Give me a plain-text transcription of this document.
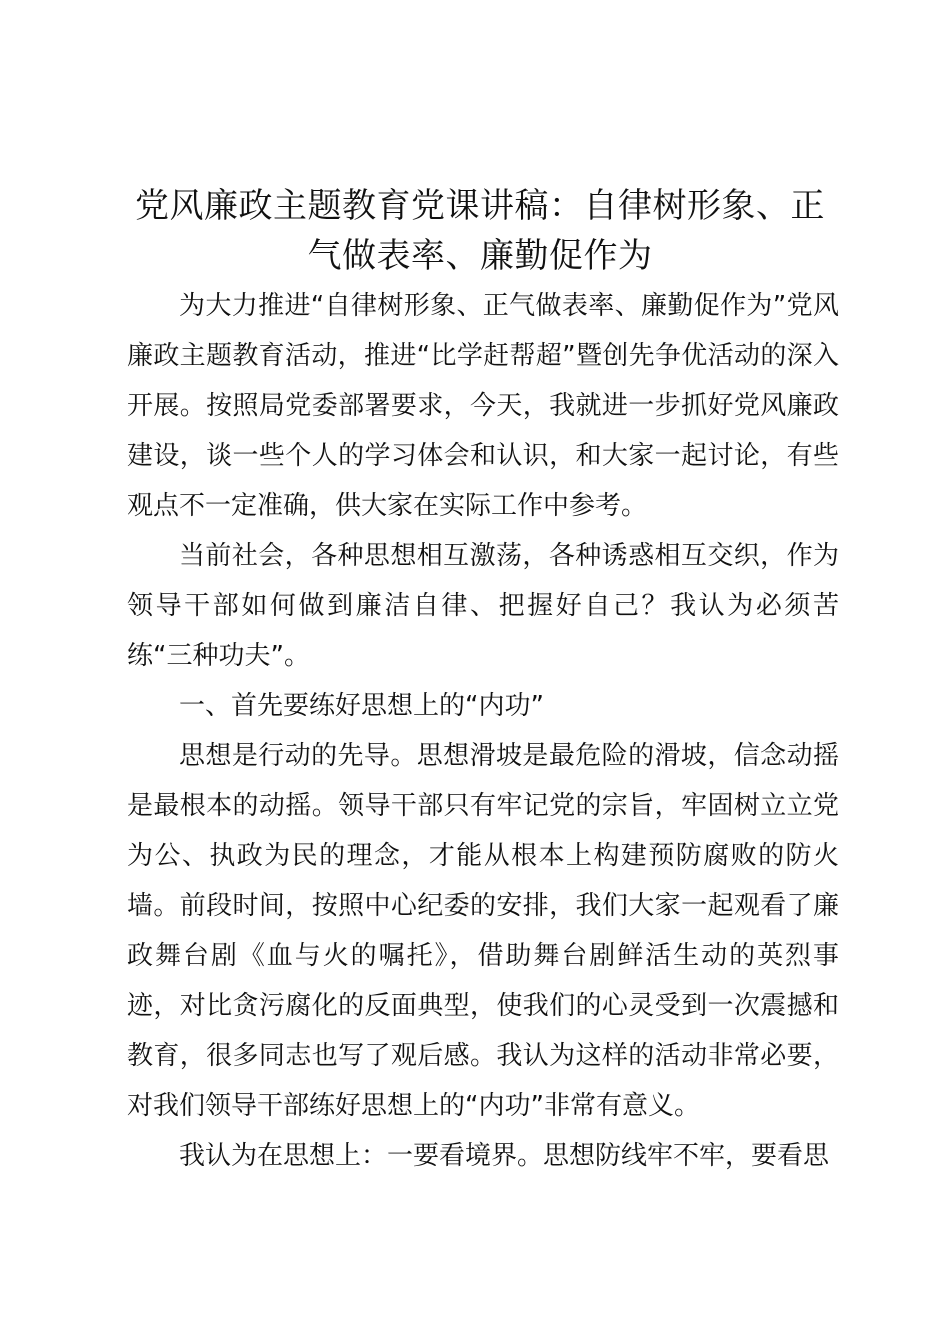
党风廉政主题教育党课讲稿：自律树形象、正气做表率、廉勤促作为

为大力推进“自律树形象、正气做表率、廉勤促作为”党风廉政主题教育活动，推进“比学赶帮超”暨创先争优活动的深入开展。按照局党委部署要求，今天，我就进一步抓好党风廉政建设，谈一些个人的学习体会和认识，和大家一起讨论，有些观点不一定准确，供大家在实际工作中参考。

当前社会，各种思想相互激荡，各种诱惑相互交织，作为领导干部如何做到廉洁自律、把握好自己？我认为必须苦练“三种功夫”。

一、首先要练好思想上的“内功”

思想是行动的先导。思想滑坡是最危险的滑坡，信念动摇是最根本的动摇。领导干部只有牢记党的宗旨，牢固树立立党为公、执政为民的理念，才能从根本上构建预防腐败的防火墙。前段时间，按照中心纪委的安排，我们大家一起观看了廉政舞台剧《血与火的嘱托》，借助舞台剧鲜活生动的英烈事迹，对比贪污腐化的反面典型，使我们的心灵受到一次震撼和教育，很多同志也写了观后感。我认为这样的活动非常必要，对我们领导干部练好思想上的“内功”非常有意义。

我认为在思想上：一要看境界。思想防线牢不牢，要看思
